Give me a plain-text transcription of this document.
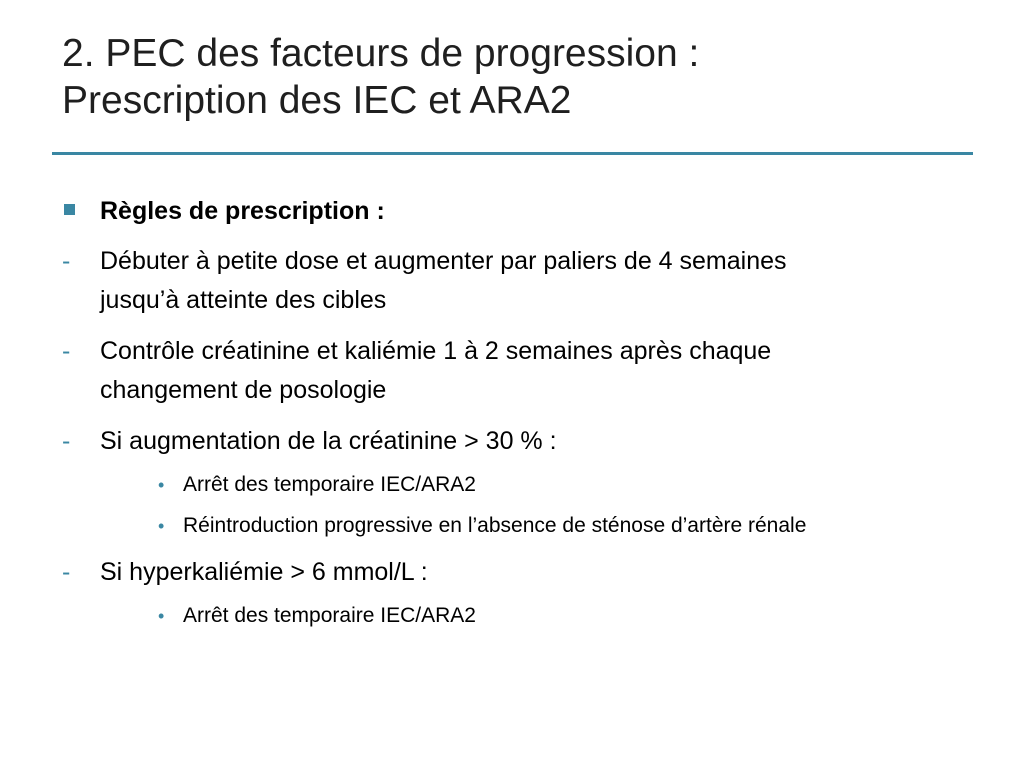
2. PEC des facteurs de progression :
Prescription des IEC et ARA2
Règles de prescription :
- Débuter à petite dose et augmenter par paliers de 4 semaines
jusqu’à atteinte des cibles
- Contrôle créatinine et kaliémie 1 à 2 semaines après chaque
changement de posologie
- Si augmentation de la créatinine > 30 % :
• Arrêt des temporaire IEC/ARA2
• Réintroduction progressive en l’absence de sténose d’artère rénale
- Si hyperkaliémie > 6 mmol/L :
• Arrêt des temporaire IEC/ARA2
